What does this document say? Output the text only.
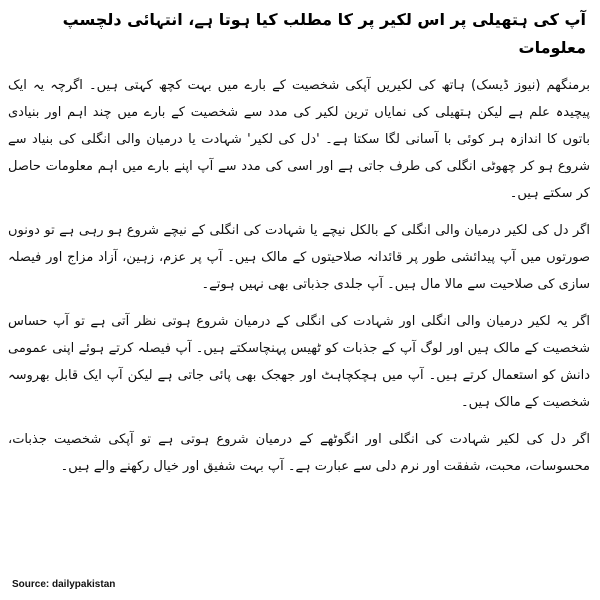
آپ کی ہتھیلی پر اس لکیر پر کا مطلب کیا ہوتا ہے، انتہائی دلچسپ معلومات

برمنگھم (نیوز ڈیسک) ہاتھ کی لکیریں آپکی شخصیت کے بارے میں بہت کچھ کہتی ہیں۔ اگرچہ یہ ایک پیچیدہ علم ہے لیکن ہتھیلی کی نمایاں ترین لکیر کی مدد سے شخصیت کے بارے میں چند اہم اور بنیادی باتوں کا اندازہ ہر کوئی با آسانی لگا سکتا ہے۔ 'دل کی لکیر' شہادت یا درمیان والی انگلی کی بنیاد سے شروع ہو کر چھوٹی انگلی کی طرف جاتی ہے اور اسی کی مدد سے آپ اپنے بارے میں اہم معلومات حاصل کر سکتے ہیں۔

اگر دل کی لکیر درمیان والی انگلی کے بالکل نیچے یا شہادت کی انگلی کے نیچے شروع ہو رہی ہے تو دونوں صورتوں میں آپ پیدائشی طور پر قائدانہ صلاحیتوں کے مالک ہیں۔ آپ پر عزم، زہین، آزاد مزاج اور فیصلہ سازی کی صلاحیت سے مالا مال ہیں۔ آپ جلدی جذباتی بھی نہیں ہوتے۔

اگر یہ لکیر درمیان والی انگلی اور شہادت کی انگلی کے درمیان شروع ہوتی نظر آتی ہے تو آپ حساس شخصیت کے مالک ہیں اور لوگ آپ کے جذبات کو ٹھیس پہنچاسکتے ہیں۔ آپ فیصلہ کرتے ہوئے اپنی عمومی دانش کو استعمال کرتے ہیں۔ آپ میں ہچکچاہٹ اور جھجک بھی پائی جاتی ہے لیکن آپ ایک قابل بھروسہ شخصیت کے مالک ہیں۔

اگر دل کی لکیر شہادت کی انگلی اور انگوٹھے کے درمیان شروع ہوتی ہے تو آپکی شخصیت جذبات، محسوسات، محبت، شفقت اور نرم دلی سے عبارت ہے۔ آپ بہت شفیق اور خیال رکھنے والے ہیں۔

Source: dailypakistan
